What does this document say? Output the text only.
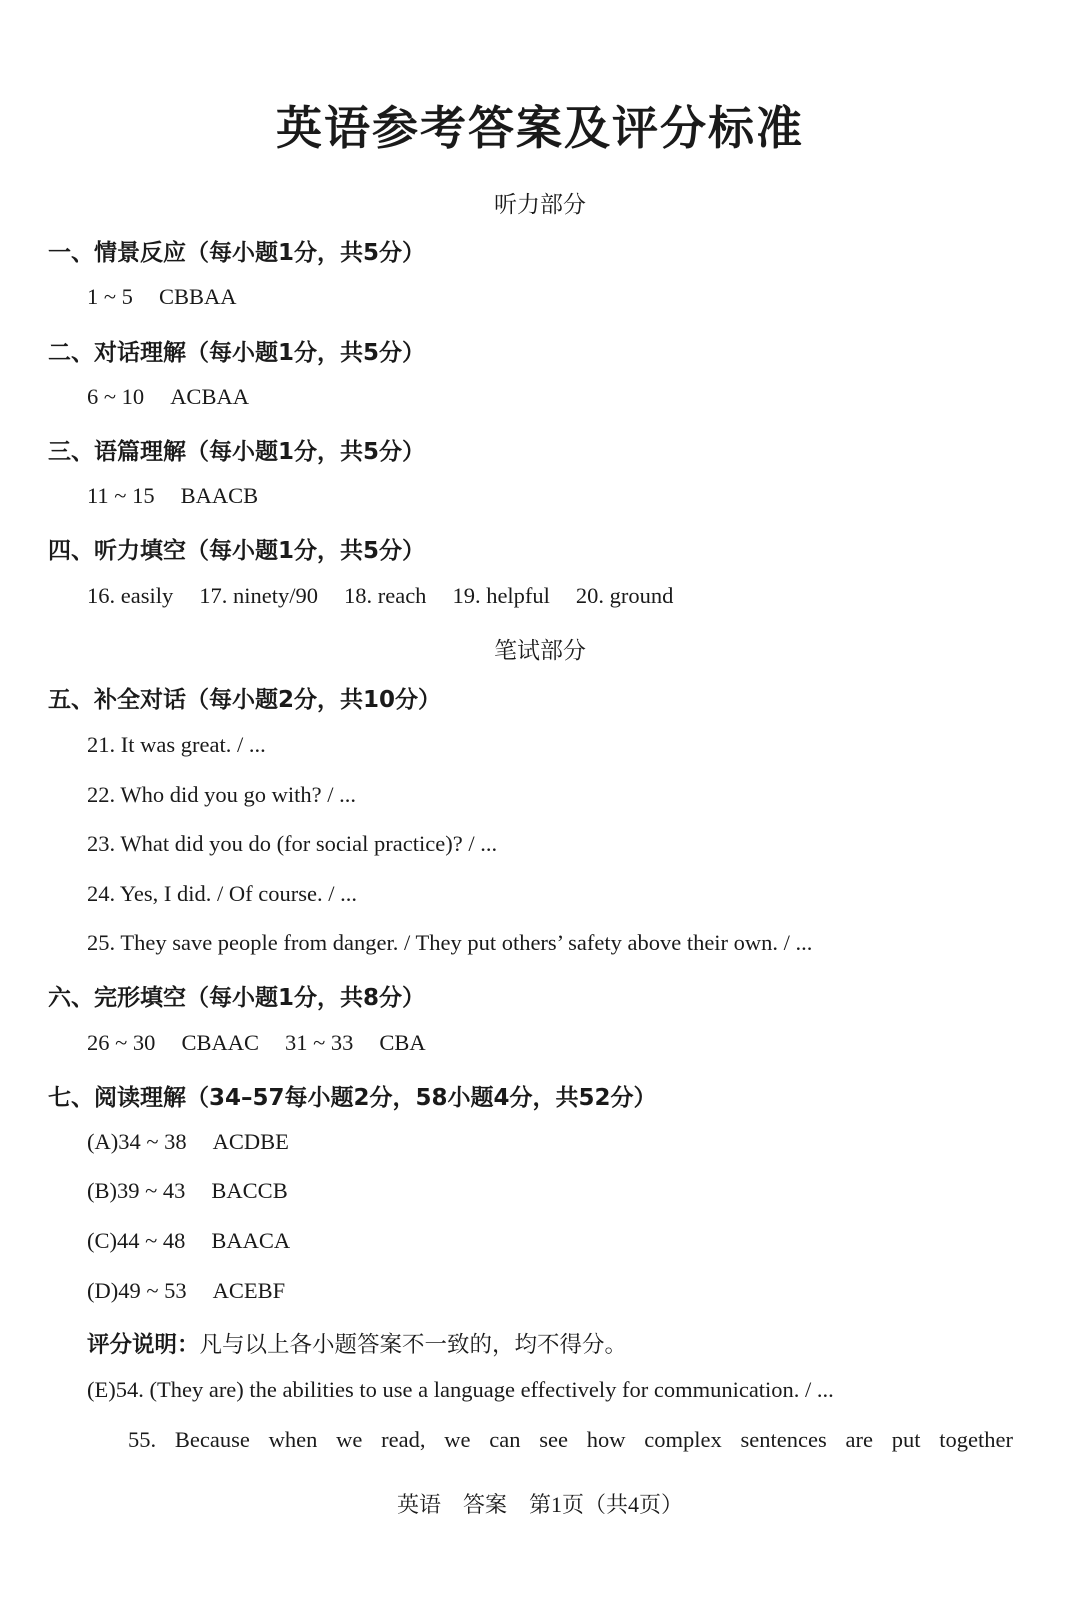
英语参考答案及评分标准
听力部分
一、情景反应（每小题1分，共5分）
1 ~ 5 CBBAA
二、对话理解（每小题1分，共5分）
6 ~ 10 ACBAA
三、语篇理解（每小题1分，共5分）
11 ~ 15 BAACB
四、听力填空（每小题1分，共5分）
16. easily 17. ninety/90 18. reach 19. helpful 20. ground
笔试部分
五、补全对话（每小题2分，共10分）
21. It was great. / ...
22. Who did you go with? / ...
23. What did you do (for social practice)? / ...
24. Yes, I did. / Of course. / ...
25. They save people from danger. / They put others’ safety above their own. / ...
六、完形填空（每小题1分，共8分）
26 ~ 30 CBAAC 31 ~ 33 CBA
七、阅读理解（34–57每小题2分，58小题4分，共52分）
(A)34 ~ 38 ACDBE
(B)39 ~ 43 BACCB
(C)44 ~ 48 BAACA
(D)49 ~ 53 ACEBF
评分说明：凡与以上各小题答案不一致的，均不得分。
(E)54. (They are) the abilities to use a language effectively for communication. / ...
55. Because when we read, we can see how complex sentences are put together
英语　答案　第1页（共4页）
